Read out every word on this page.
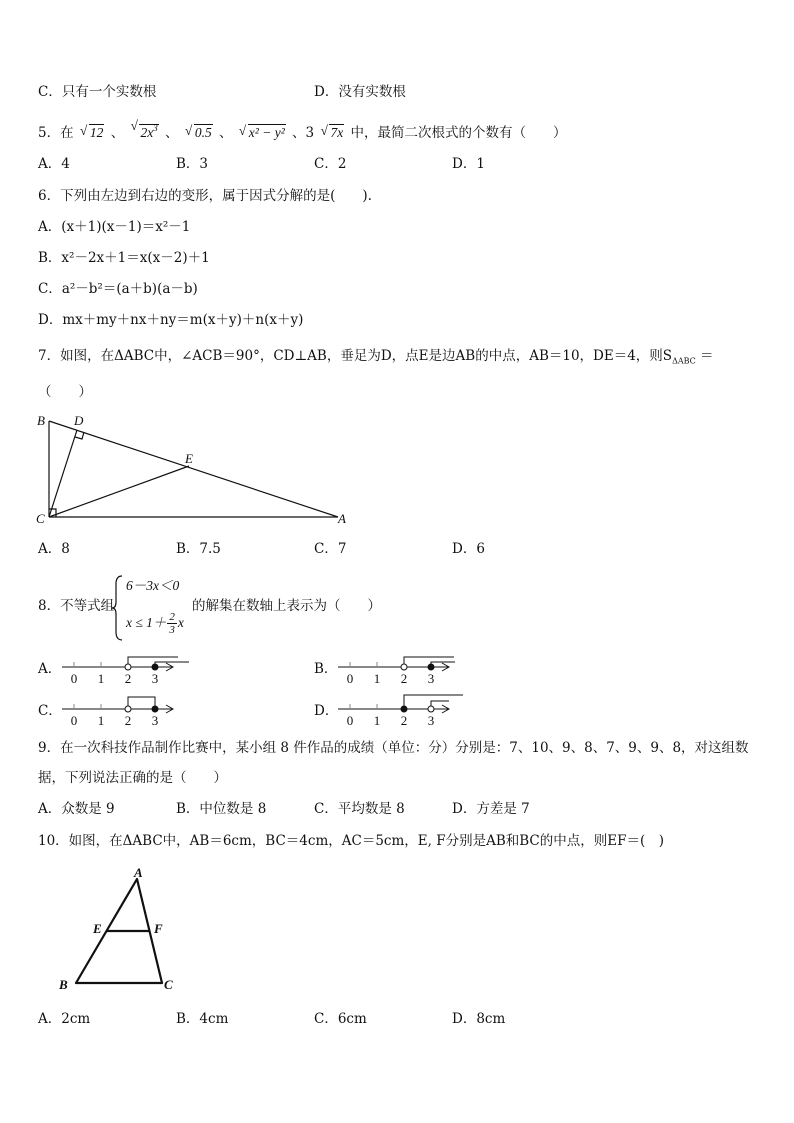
C．只有一个实数根	D．没有实数根
5．在 √ 12 、 √ $2x^3$ 、 √ 0.5 、 √ x² − y² 、3 √ 7x 中，最简二次根式的个数有（　　）
A．4	B．3	C．2	D．1
6．下列由左边到右边的变形，属于因式分解的是(　　).
A．(x＋1)(x－1)＝x²－1
B．x²－2x＋1＝x(x－2)＋1
C．a²－b²＝(a＋b)(a－b)
D．mx＋my＋nx＋ny＝m(x＋y)＋n(x＋y)
7．如图，在ΔABC中，∠ACB＝90°，CD⊥AB，垂足为D，点E是边AB的中点，AB＝10，DE＝4，则$S_{\Delta ABC}$ ＝
（　　）
B D
E
C	A
A．8	B．7.5	C．7	D．6
8．不等式组
6－3x＜0
$x \le 1+ \frac{2}{3}$ x
的解集在数轴上表示为（　　）
A．
0 1 2 3
B．
0 1 2 3
C．
0 1 2 3
D．
0 1 2 3
9．在一次科技作品制作比赛中，某小组 8 件作品的成绩（单位：分）分别是：7、10、9、8、7、9、9、8，对这组数
据，下列说法正确的是（　　）
A．众数是 9	B．中位数是 8	C．平均数是 8	D．方差是 7
10．如图，在ΔABC中，AB＝6cm，BC＝4cm，AC＝5cm，E, F分别是AB和BC的中点，则EF＝(　)
A
E	F
B	C
A．2cm	B．4cm	C．6cm	D．8cm
